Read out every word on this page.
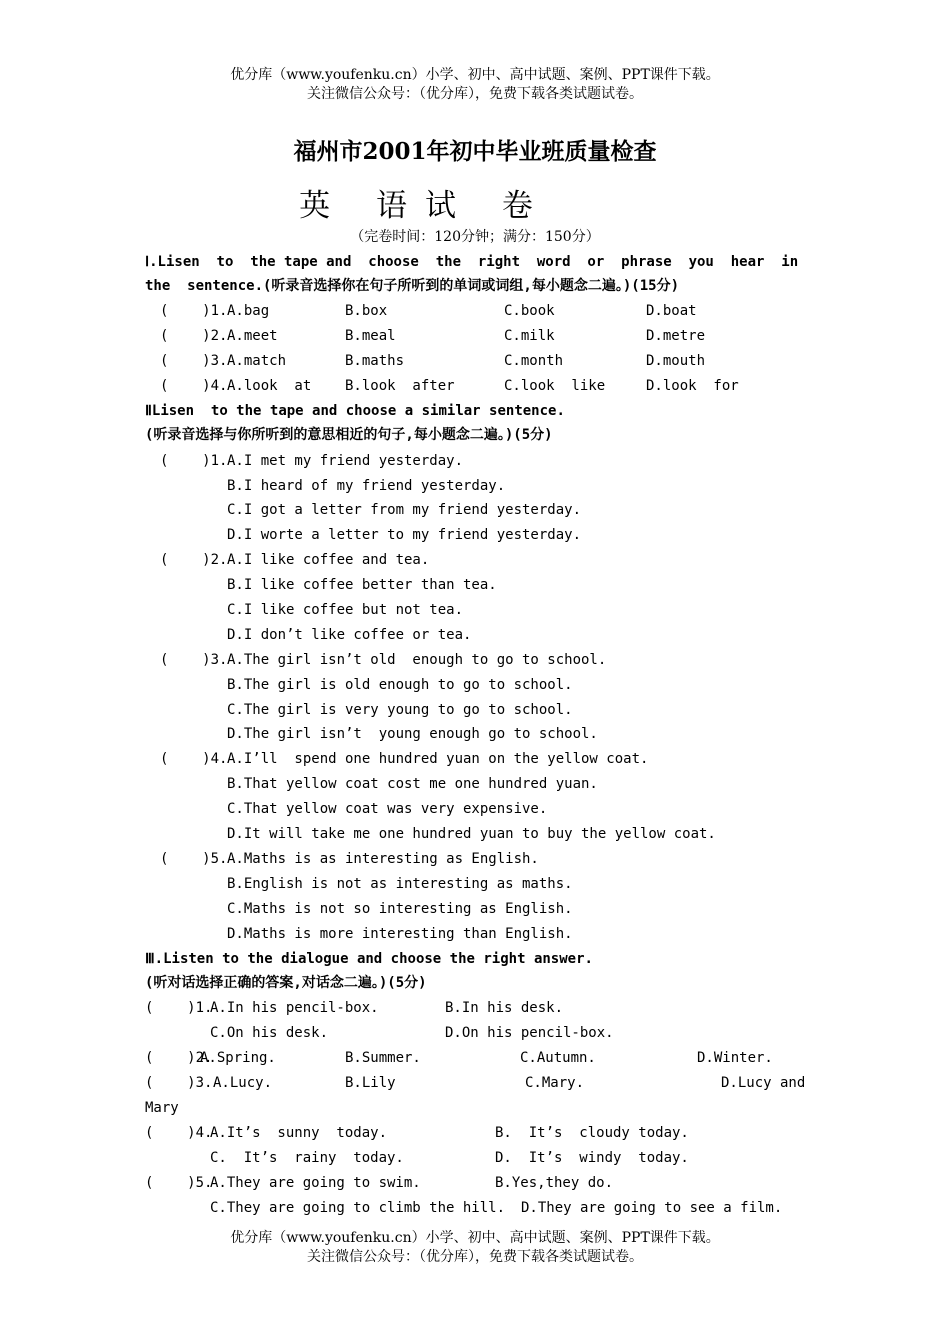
优分库（www.youfenku.cn）小学、初中、高中试题、案例、PPT课件下载。
关注微信公众号：（优分库），免费下载各类试题试卷。
福州市2001年初中毕业班质量检查
英 语试 卷
（完卷时间：120分钟；满分：150分）
Ⅰ.Lisen  to  the tape and  choose  the  right  word  or  phrase  you  hear  in
the  sentence.(听录音选择你在句子所听到的单词或词组,每小题念二遍。)(15分)
(    )1. A.bag	B.box	C.book	D.boat
(    )2. A.meet	B.meal	C.milk	D.metre
(    )3. A.match	B.maths	C.month	D.mouth
(    )4. A.look  at B.look  after	C.look  like	D.look  for
ⅡLisen  to the tape and choose a similar sentence.
(听录音选择与你所听到的意思相近的句子,每小题念二遍。)(5分)
(    )1. A.I met my friend yesterday.
B.I heard of my friend yesterday.
C.I got a letter from my friend yesterday.
D.I worte a letter to my friend yesterday.
(    )2. A.I like coffee and tea.
B.I like coffee better than tea.
C.I like coffee but not tea.
D.I don’t like coffee or tea.
(    )3. A.The girl isn’t old  enough to go to school.
B.The girl is old enough to go to school.
C.The girl is very young to go to school.
D.The girl isn’t  young enough go to school.
(    )4. A.I’ll  spend one hundred yuan on the yellow coat.
B.That yellow coat cost me one hundred yuan.
C.That yellow coat was very expensive.
D.It will take me one hundred yuan to buy the yellow coat.
(    )5. A.Maths is as interesting as English.
B.English is not as interesting as maths.
C.Maths is not so interesting as English.
D.Maths is more interesting than English.
Ⅲ.Listen to the dialogue and choose the right answer.
(听对话选择正确的答案,对话念二遍。)(5分)
(    )1.
A.In his pencil-box.	B.In his desk.
C.On his desk.	D.On his pencil-box.
(    )2.
A.Spring.	B.Summer.	C.Autumn.	D.Winter.
(    )3. A.Lucy.	B.Lily	C.Mary.	D.Lucy and
Mary
(    )4.
A.It’s  sunny  today.	B.  It’s  cloudy today.
C.  It’s  rainy  today.	D.  It’s  windy  today.
(    )5.
A.They are going to swim.	B.Yes,they do.
C.They are going to climb the hill. D.They are going to see a film.
优分库（www.youfenku.cn）小学、初中、高中试题、案例、PPT课件下载。
关注微信公众号：（优分库），免费下载各类试题试卷。
